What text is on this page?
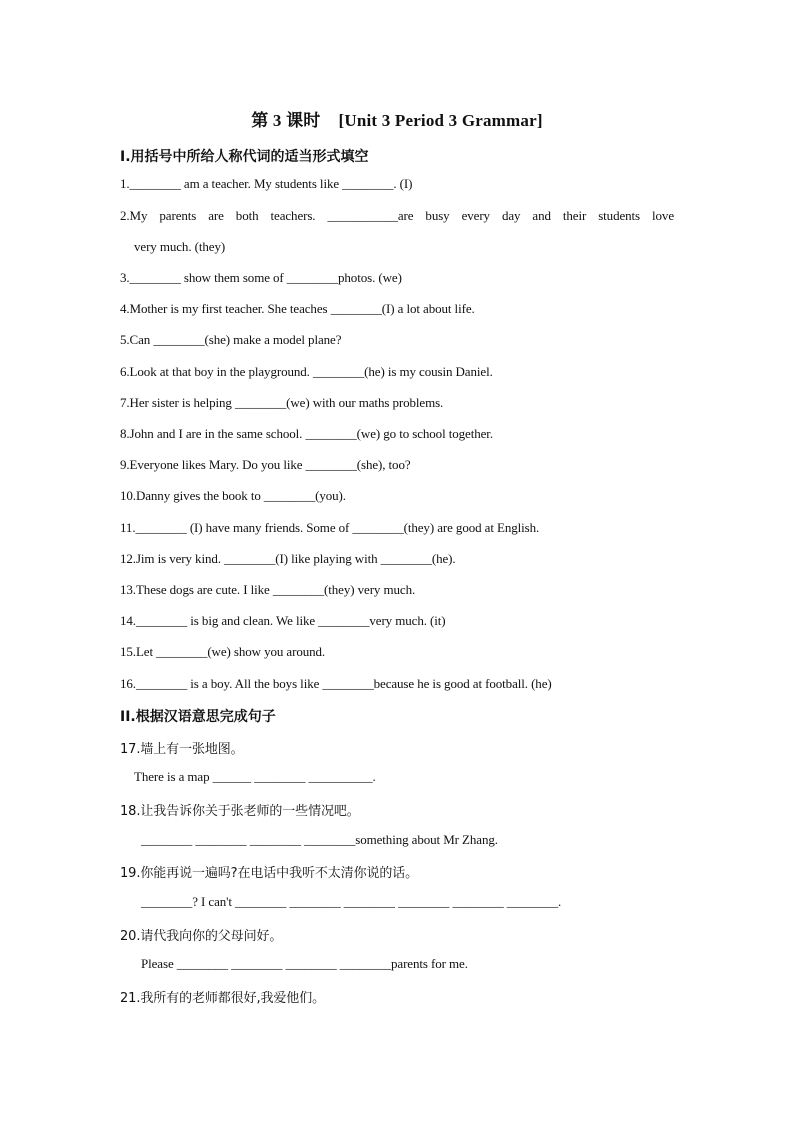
第 3 课时 [Unit 3 Period 3 Grammar]
Ⅰ.用括号中所给人称代词的适当形式填空
1.________ am a teacher. My students like ________. (I)
2.My parents are both teachers. ___________are busy every day and their students love
very much. (they)
3.________ show them some of ________photos. (we)
4.Mother is my first teacher. She teaches ________(I) a lot about life.
5.Can ________(she) make a model plane?
6.Look at that boy in the playground. ________(he) is my cousin Daniel.
7.Her sister is helping ________(we) with our maths problems.
8.John and I are in the same school. ________(we) go to school together.
9.Everyone likes Mary. Do you like ________(she), too?
10.Danny gives the book to ________(you).
11.________ (I) have many friends. Some of ________(they) are good at English.
12.Jim is very kind. ________(I) like playing with ________(he).
13.These dogs are cute. I like ________(they) very much.
14.________ is big and clean. We like ________very much. (it)
15.Let ________(we) show you around.
16.________ is a boy. All the boys like ________because he is good at football. (he)
II.根据汉语意思完成句子
17.墙上有一张地图。
There is a map ______ ________ __________.
18.让我告诉你关于张老师的一些情况吧。
________ ________ ________ ________something about Mr Zhang.
19.你能再说一遍吗?在电话中我听不太清你说的话。
________? I can't ________ ________ ________ ________ ________ ________.
20.请代我向你的父母问好。
Please ________ ________ ________ ________parents for me.
21.我所有的老师都很好,我爱他们。
